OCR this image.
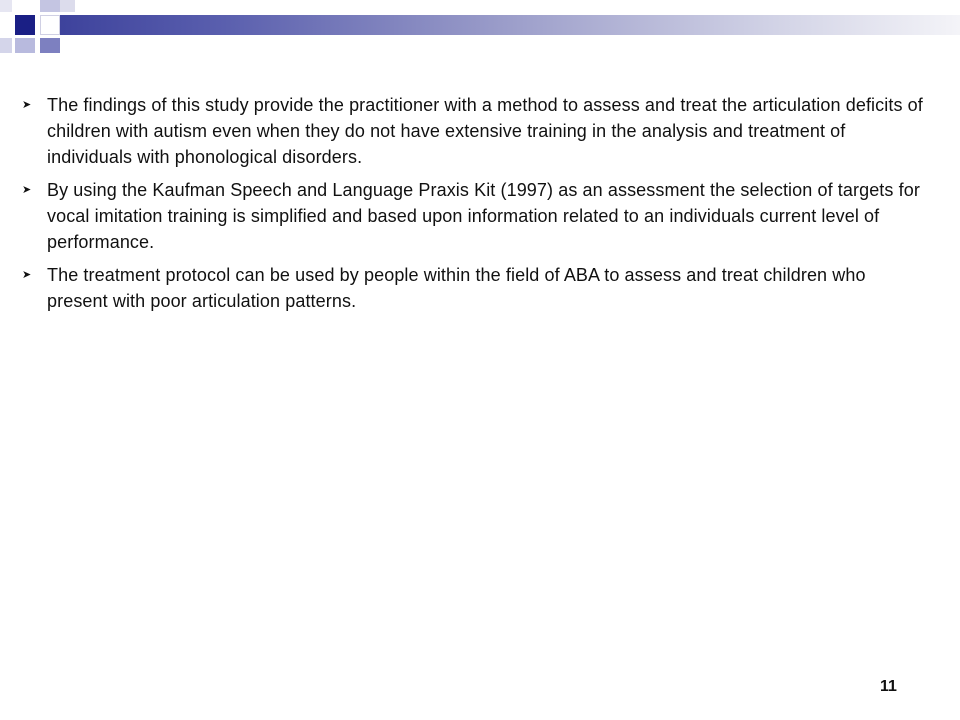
➤ The findings of this study provide the practitioner with a method to assess and treat the articulation deficits of children with autism even when they do not have extensive training in the analysis and treatment of individuals with phonological disorders.
➤ By using the Kaufman Speech and Language Praxis Kit (1997) as an assessment the selection of targets for vocal imitation training is simplified and based upon information related to an individuals current level of performance.
➤ The treatment protocol can be used by people within the field of ABA to assess and treat children who present with poor articulation patterns.
11
